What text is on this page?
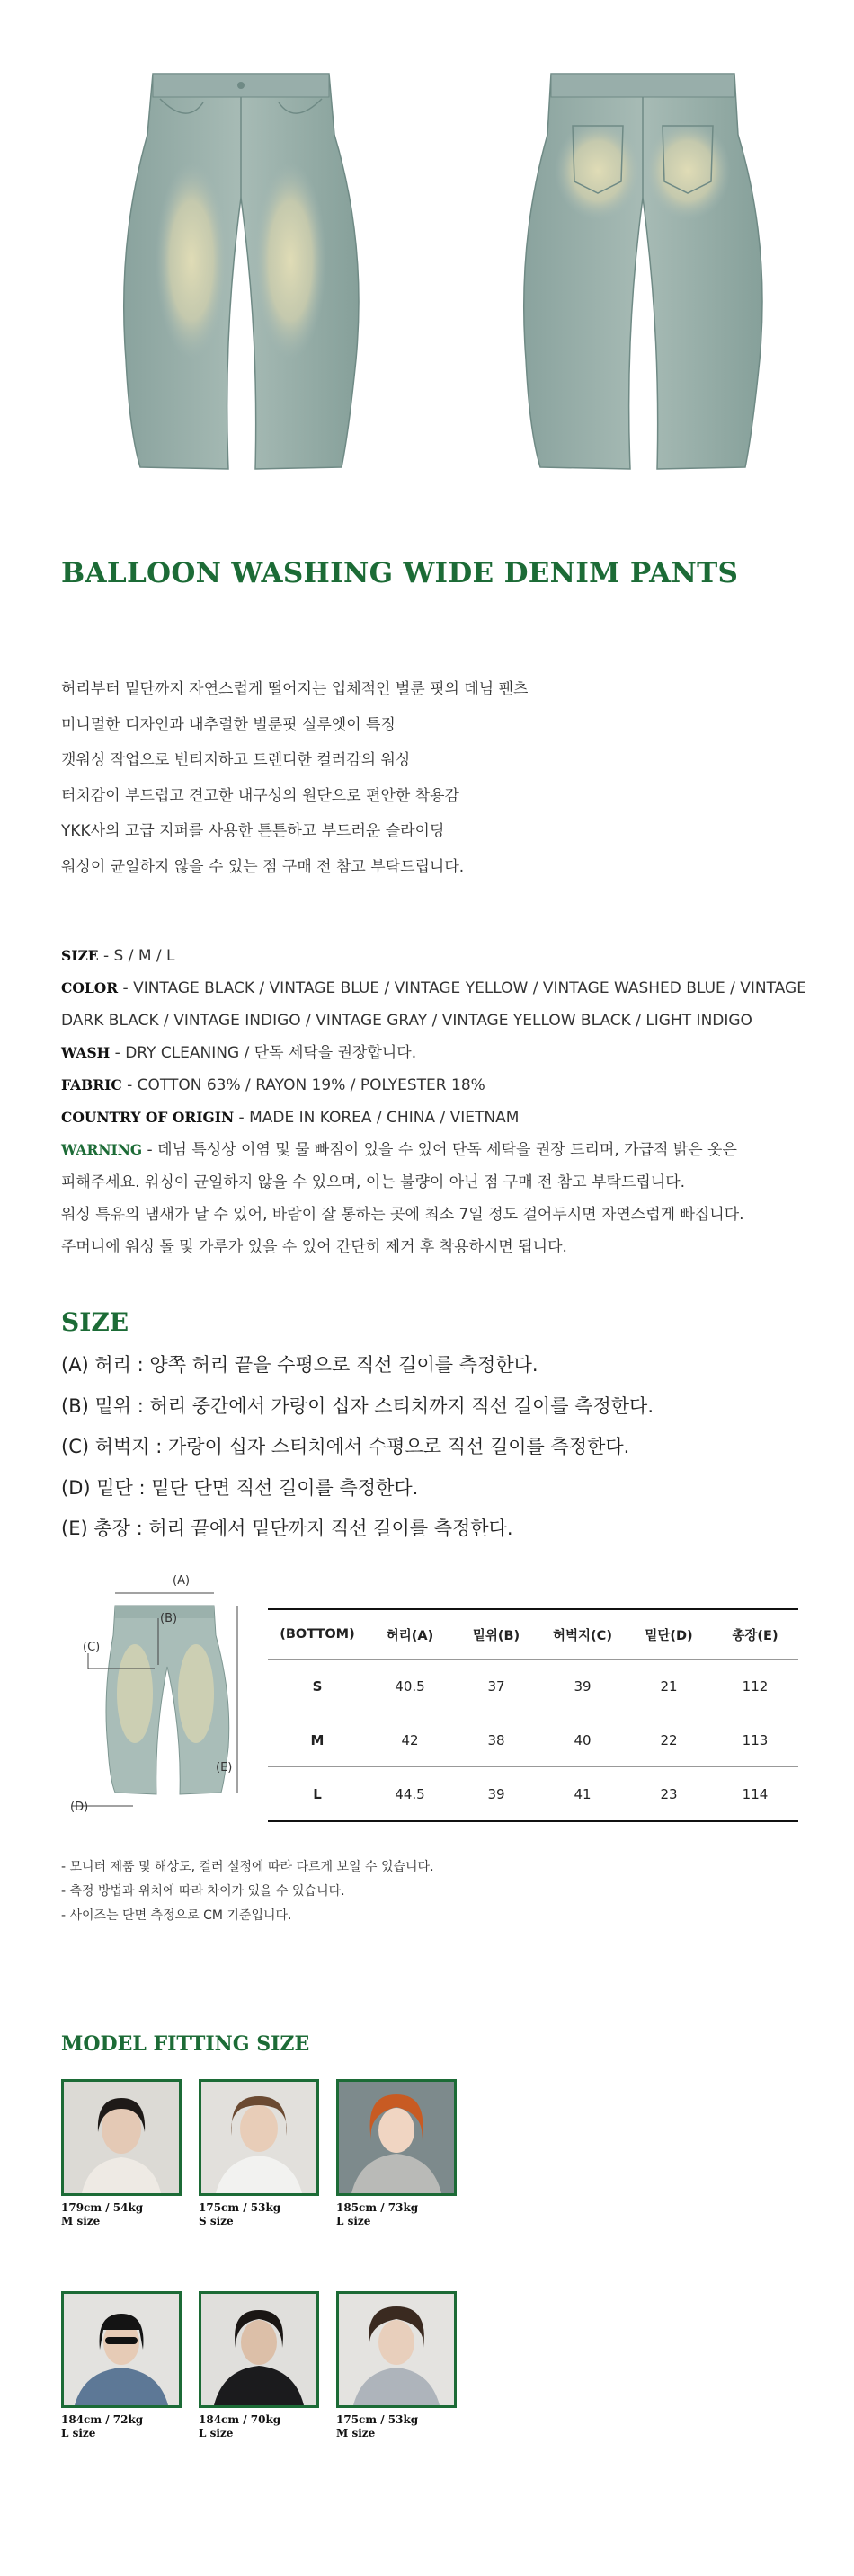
BALLOON WASHING WIDE DENIM PANTS
허리부터 밑단까지 자연스럽게 떨어지는 입체적인 벌룬 핏의 데님 팬츠
미니멀한 디자인과 내추럴한 벌룬핏 실루엣이 특징
캣워싱 작업으로 빈티지하고 트렌디한 컬러감의 워싱
터치감이 부드럽고 견고한 내구성의 원단으로 편안한 착용감
YKK사의 고급 지퍼를 사용한 튼튼하고 부드러운 슬라이딩
워싱이 균일하지 않을 수 있는 점 구매 전 참고 부탁드립니다.
SIZE - S / M / L
COLOR - VINTAGE BLACK / VINTAGE BLUE / VINTAGE YELLOW / VINTAGE WASHED BLUE / VINTAGE
DARK BLACK / VINTAGE INDIGO / VINTAGE GRAY / VINTAGE YELLOW BLACK / LIGHT INDIGO
WASH - DRY CLEANING / 단독 세탁을 권장합니다.
FABRIC - COTTON 63% / RAYON 19% / POLYESTER 18%
COUNTRY OF ORIGIN - MADE IN KOREA / CHINA / VIETNAM
WARNING - 데님 특성상 이염 및 물 빠짐이 있을 수 있어 단독 세탁을 권장 드리며, 가급적 밝은 옷은
피해주세요. 워싱이 균일하지 않을 수 있으며, 이는 불량이 아닌 점 구매 전 참고 부탁드립니다.
워싱 특유의 냄새가 날 수 있어, 바람이 잘 통하는 곳에 최소 7일 정도 걸어두시면 자연스럽게 빠집니다.
주머니에 워싱 돌 및 가루가 있을 수 있어 간단히 제거 후 착용하시면 됩니다.
SIZE
(A) 허리 : 양쪽 허리 끝을 수평으로 직선 길이를 측정한다.
(B) 밑위 : 허리 중간에서 가랑이 십자 스티치까지 직선 길이를 측정한다.
(C) 허벅지 : 가랑이 십자 스티치에서 수평으로 직선 길이를 측정한다.
(D) 밑단 : 밑단 단면 직선 길이를 측정한다.
(E) 총장 : 허리 끝에서 밑단까지 직선 길이를 측정한다.
(A)
(B)
(C)
(D)
(E)
(BOTTOM)	허리(A)	밑위(B)	허벅지(C)	밑단(D)	총장(E)
S	40.5	37	39	21	112
M	42	38	40	22	113
L	44.5	39	41	23	114
- 모니터 제품 및 해상도, 컬러 설정에 따라 다르게 보일 수 있습니다.
- 측정 방법과 위치에 따라 차이가 있을 수 있습니다.
- 사이즈는 단면 측정으로 CM 기준입니다.
MODEL FITTING SIZE
179cm / 54kg
M size
175cm / 53kg
S size
185cm / 73kg
L size
184cm / 72kg
L size
184cm / 70kg
L size
175cm / 53kg
M size
